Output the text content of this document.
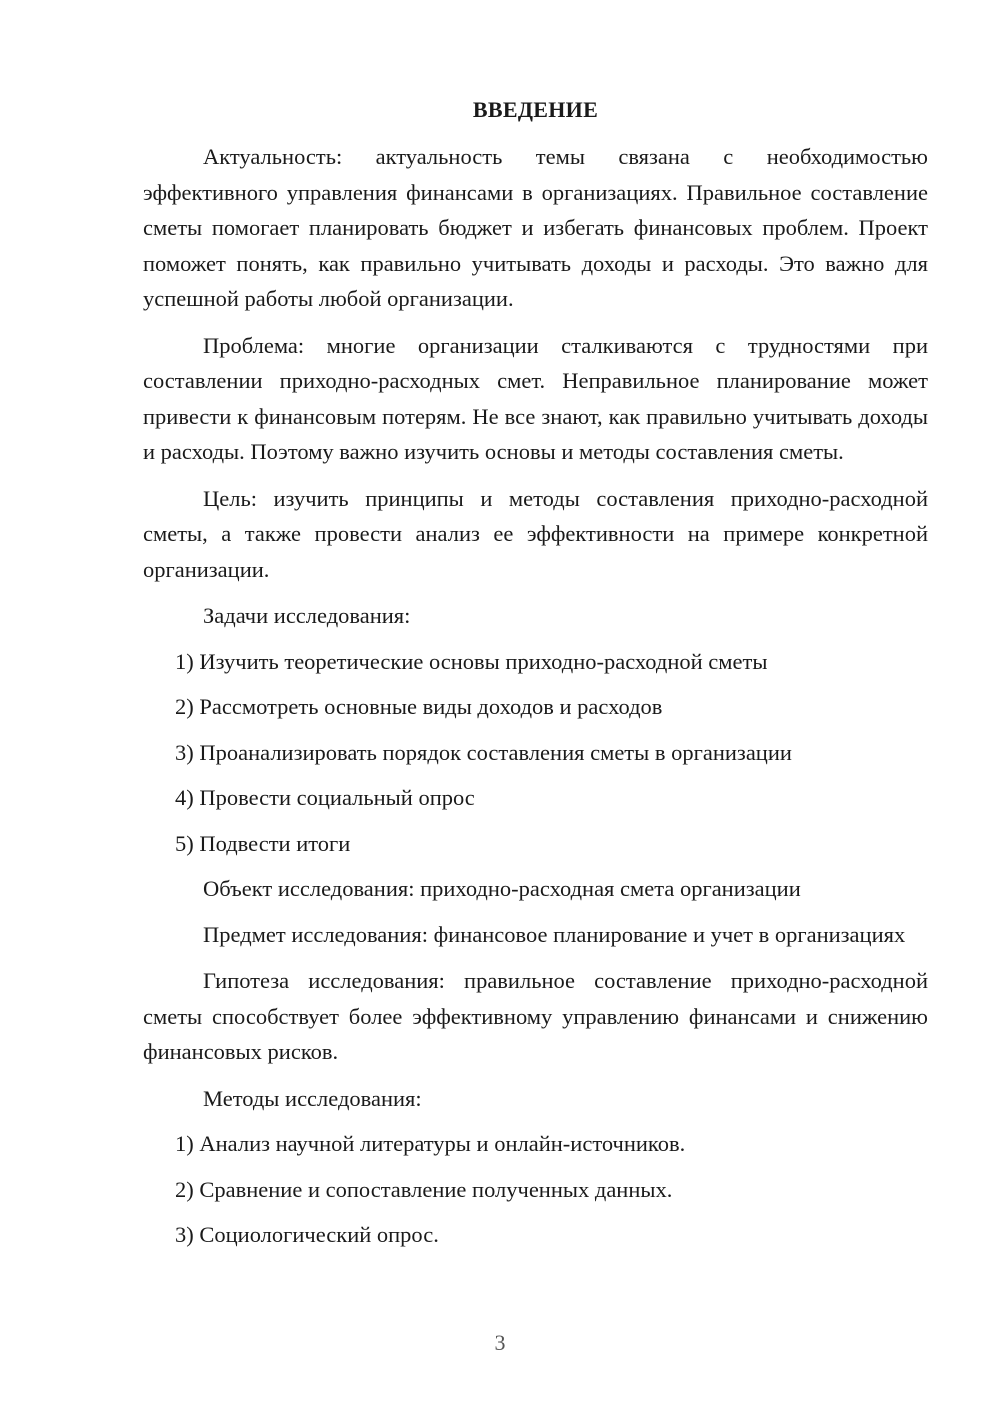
ВВЕДЕНИЕ

Актуальность: актуальность темы связана с необходимостью эффективного управления финансами в организациях. Правильное составление сметы помогает планировать бюджет и избегать финансовых проблем. Проект поможет понять, как правильно учитывать доходы и расходы. Это важно для успешной работы любой организации.

Проблема: многие организации сталкиваются с трудностями при составлении приходно-расходных смет. Неправильное планирование может привести к финансовым потерям. Не все знают, как правильно учитывать доходы и расходы. Поэтому важно изучить основы и методы составления сметы.

Цель: изучить принципы и методы составления приходно-расходной сметы, а также провести анализ ее эффективности на примере конкретной организации.

Задачи исследования:

1) Изучить теоретические основы приходно-расходной сметы
2) Рассмотреть основные виды доходов и расходов
3) Проанализировать порядок составления сметы в организации
4) Провести социальный опрос
5) Подвести итоги

Объект исследования: приходно-расходная смета организации

Предмет исследования: финансовое планирование и учет в организациях

Гипотеза исследования: правильное составление приходно-расходной сметы способствует более эффективному управлению финансами и снижению финансовых рисков.

Методы исследования:

1) Анализ научной литературы и онлайн-источников.
2) Сравнение и сопоставление полученных данных.
3) Социологический опрос.
3
